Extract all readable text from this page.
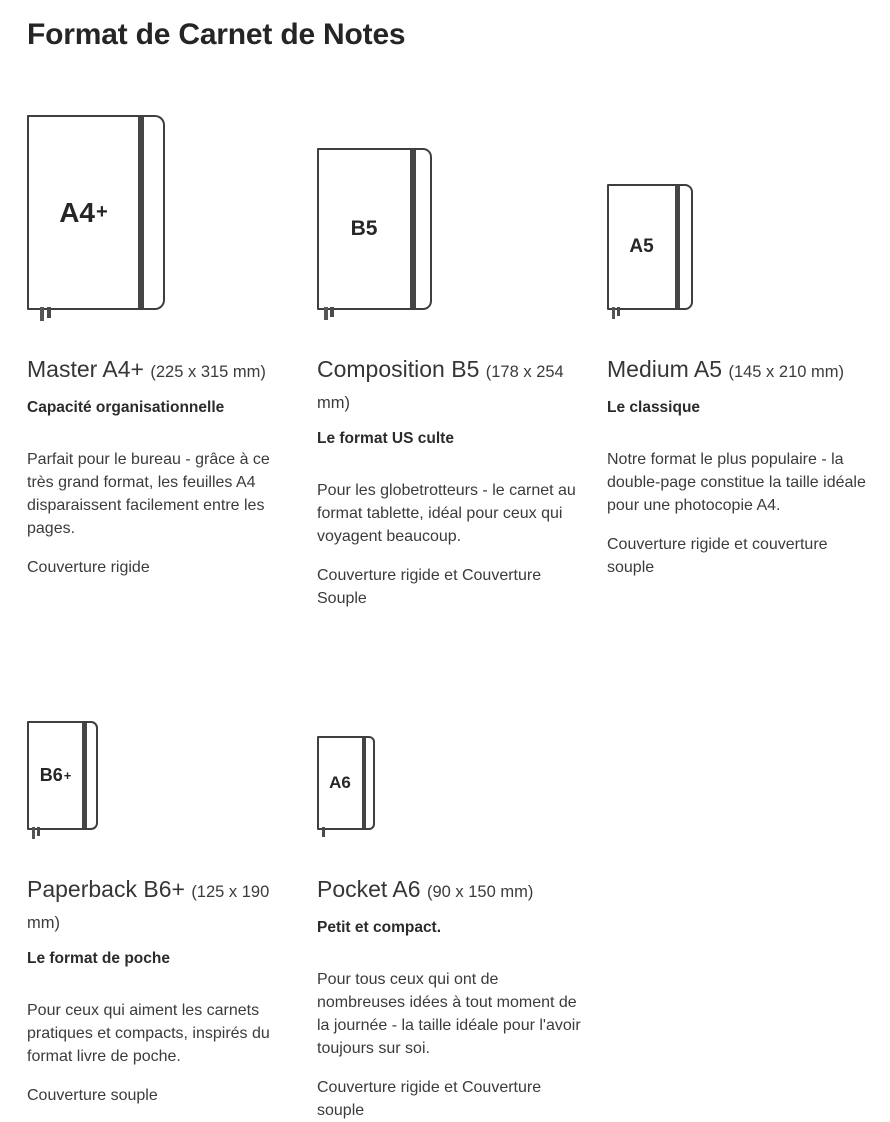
Format de Carnet de Notes
A4 +
Master A4+ (225 x 315 mm)

Capacité organisationnelle

Parfait pour le bureau - grâce à ce très grand format, les feuilles A4 disparaissent facilement entre les pages.

Couverture rigide

B5
Composition B5 (178 x 254 mm)

Le format US culte

Pour les globetrotteurs - le carnet au format tablette, idéal pour ceux qui voyagent beaucoup.

Couverture rigide et Couverture Souple

A5
Medium A5 (145 x 210 mm)

Le classique

Notre format le plus populaire - la double-page constitue la taille idéale pour une photocopie A4.

Couverture rigide et couverture souple

B6 +
Paperback B6+ (125 x 190 mm)

Le format de poche

Pour ceux qui aiment les carnets pratiques et compacts, inspirés du format livre de poche.

Couverture souple

A6
Pocket A6 (90 x 150 mm)

Petit et compact.

Pour tous ceux qui ont de nombreuses idées à tout moment de la journée - la taille idéale pour l'avoir toujours sur soi.

Couverture rigide et Couverture souple
